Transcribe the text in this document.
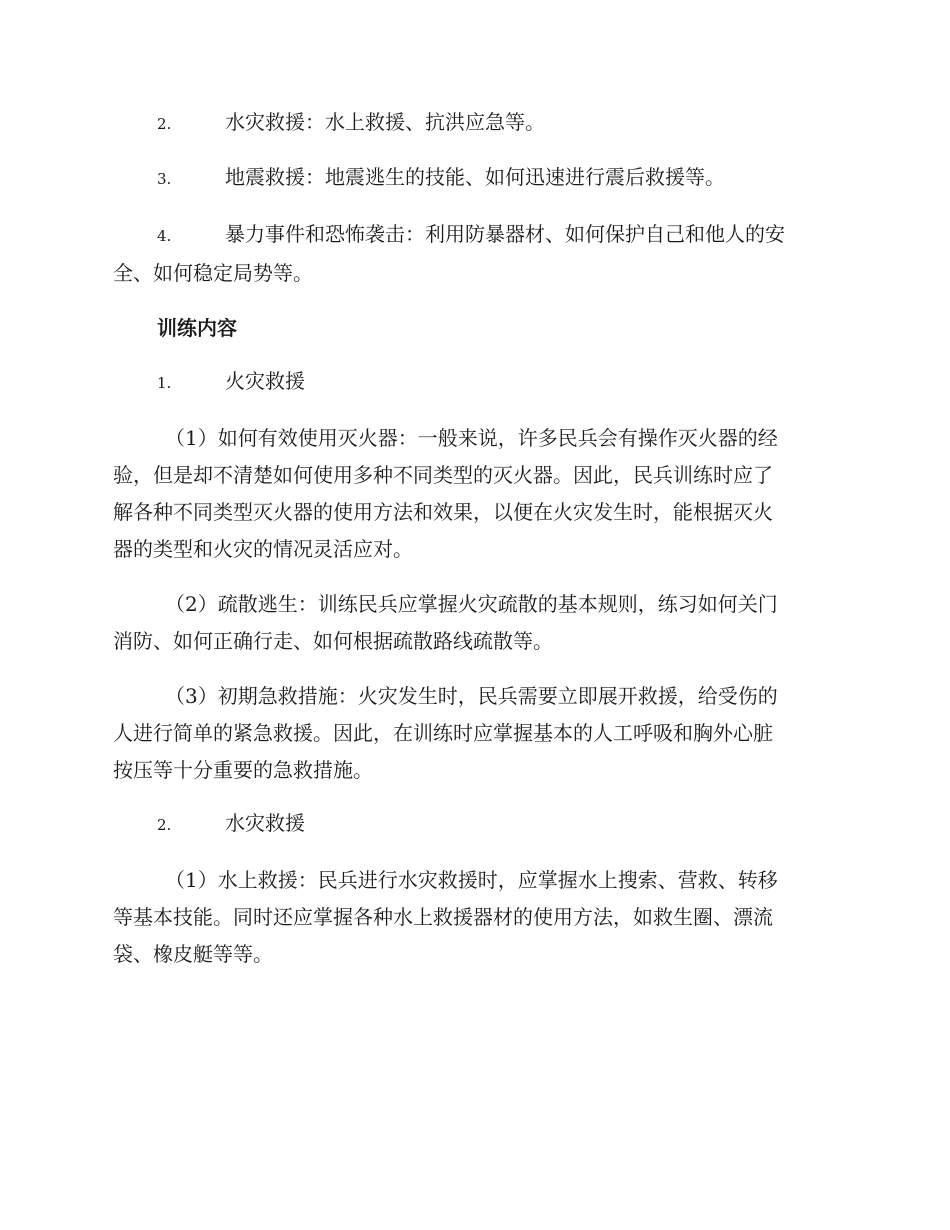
2.	水灾救援：水上救援、抗洪应急等。
3.	地震救援：地震逃生的技能、如何迅速进行震后救援等。
4.	暴力事件和恐怖袭击：利用防暴器材、如何保护自己和他人的安
全、如何稳定局势等。
训练内容
1.	火灾救援
（1）如何有效使用灭火器：一般来说，许多民兵会有操作灭火器的经
验，但是却不清楚如何使用多种不同类型的灭火器。因此，民兵训练时应了
解各种不同类型灭火器的使用方法和效果，以便在火灾发生时，能根据灭火
器的类型和火灾的情况灵活应对。
（2）疏散逃生：训练民兵应掌握火灾疏散的基本规则，练习如何关门
消防、如何正确行走、如何根据疏散路线疏散等。
（3）初期急救措施：火灾发生时，民兵需要立即展开救援，给受伤的
人进行简单的紧急救援。因此，在训练时应掌握基本的人工呼吸和胸外心脏
按压等十分重要的急救措施。
2.	水灾救援
（1）水上救援：民兵进行水灾救援时，应掌握水上搜索、营救、转移
等基本技能。同时还应掌握各种水上救援器材的使用方法，如救生圈、漂流
袋、橡皮艇等等。
